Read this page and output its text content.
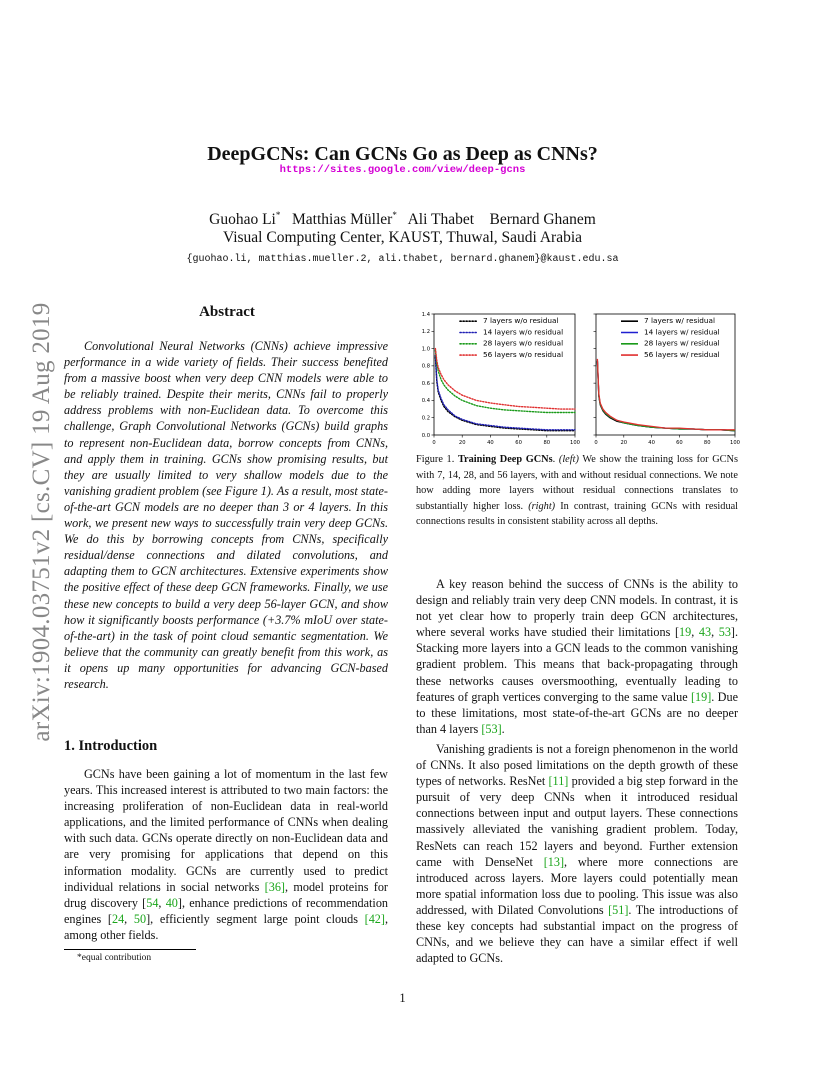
arXiv:1904.03751v2 [cs.CV] 19 Aug 2019
DeepGCNs: Can GCNs Go as Deep as CNNs?
https://sites.google.com/view/deep-gcns
Guohao Li* Matthias Müller* Ali Thabet Bernard Ghanem
Visual Computing Center, KAUST, Thuwal, Saudi Arabia
{guohao.li, matthias.mueller.2, ali.thabet, bernard.ghanem}@kaust.edu.sa
Abstract
Convolutional Neural Networks (CNNs) achieve impressive performance in a wide variety of fields. Their success benefited from a massive boost when very deep CNN models were able to be reliably trained. Despite their merits, CNNs fail to properly address problems with non-Euclidean data. To overcome this challenge, Graph Convolutional Networks (GCNs) build graphs to represent non-Euclidean data, borrow concepts from CNNs, and apply them in training. GCNs show promising results, but they are usually limited to very shallow models due to the vanishing gradient problem (see Figure 1). As a result, most state-of-the-art GCN models are no deeper than 3 or 4 layers. In this work, we present new ways to successfully train very deep GCNs. We do this by borrowing concepts from CNNs, specifically residual/dense connections and dilated convolutions, and adapting them to GCN architectures. Extensive experiments show the positive effect of these deep GCN frameworks. Finally, we use these new concepts to build a very deep 56-layer GCN, and show how it significantly boosts performance (+3.7% mIoU over state-of-the-art) in the task of point cloud semantic segmentation. We believe that the community can greatly benefit from this work, as it opens up many opportunities for advancing GCN-based research.
1. Introduction
GCNs have been gaining a lot of momentum in the last few years. This increased interest is attributed to two main factors: the increasing proliferation of non-Euclidean data in real-world applications, and the limited performance of CNNs when dealing with such data. GCNs operate directly on non-Euclidean data and are very promising for applications that depend on this information modality. GCNs are currently used to predict individual relations in social networks [36], model proteins for drug discovery [54, 40], enhance predictions of recommendation engines [24, 50], efficiently segment large point clouds [42], among other fields.
*equal contribution
0	20	40	60	80	100
0.0
0.2
0.4
0.6
0.8
1.0
1.2
1.4
7 layers w/o residual
14 layers w/o residual
28 layers w/o residual
56 layers w/o residual
0	20	40	60	80	100
7 layers w/ residual
14 layers w/ residual
28 layers w/ residual
56 layers w/ residual
Figure 1. Training Deep GCNs. (left) We show the training loss for GCNs with 7, 14, 28, and 56 layers, with and without residual connections. We note how adding more layers without residual connections translates to substantially higher loss. (right) In contrast, training GCNs with residual connections results in consistent stability across all depths.
A key reason behind the success of CNNs is the ability to design and reliably train very deep CNN models. In contrast, it is not yet clear how to properly train deep GCN architectures, where several works have studied their limitations [19, 43, 53]. Stacking more layers into a GCN leads to the common vanishing gradient problem. This means that back-propagating through these networks causes oversmoothing, eventually leading to features of graph vertices converging to the same value [19]. Due to these limitations, most state-of-the-art GCNs are no deeper than 4 layers [53].
Vanishing gradients is not a foreign phenomenon in the world of CNNs. It also posed limitations on the depth growth of these types of networks. ResNet [11] provided a big step forward in the pursuit of very deep CNNs when it introduced residual connections between input and output layers. These connections massively alleviated the vanishing gradient problem. Today, ResNets can reach 152 layers and beyond. Further extension came with DenseNet [13], where more connections are introduced across layers. More layers could potentially mean more spatial information loss due to pooling. This issue was also addressed, with Dilated Convolutions [51]. The introductions of these key concepts had substantial impact on the progress of CNNs, and we believe they can have a similar effect if well adapted to GCNs.
1
